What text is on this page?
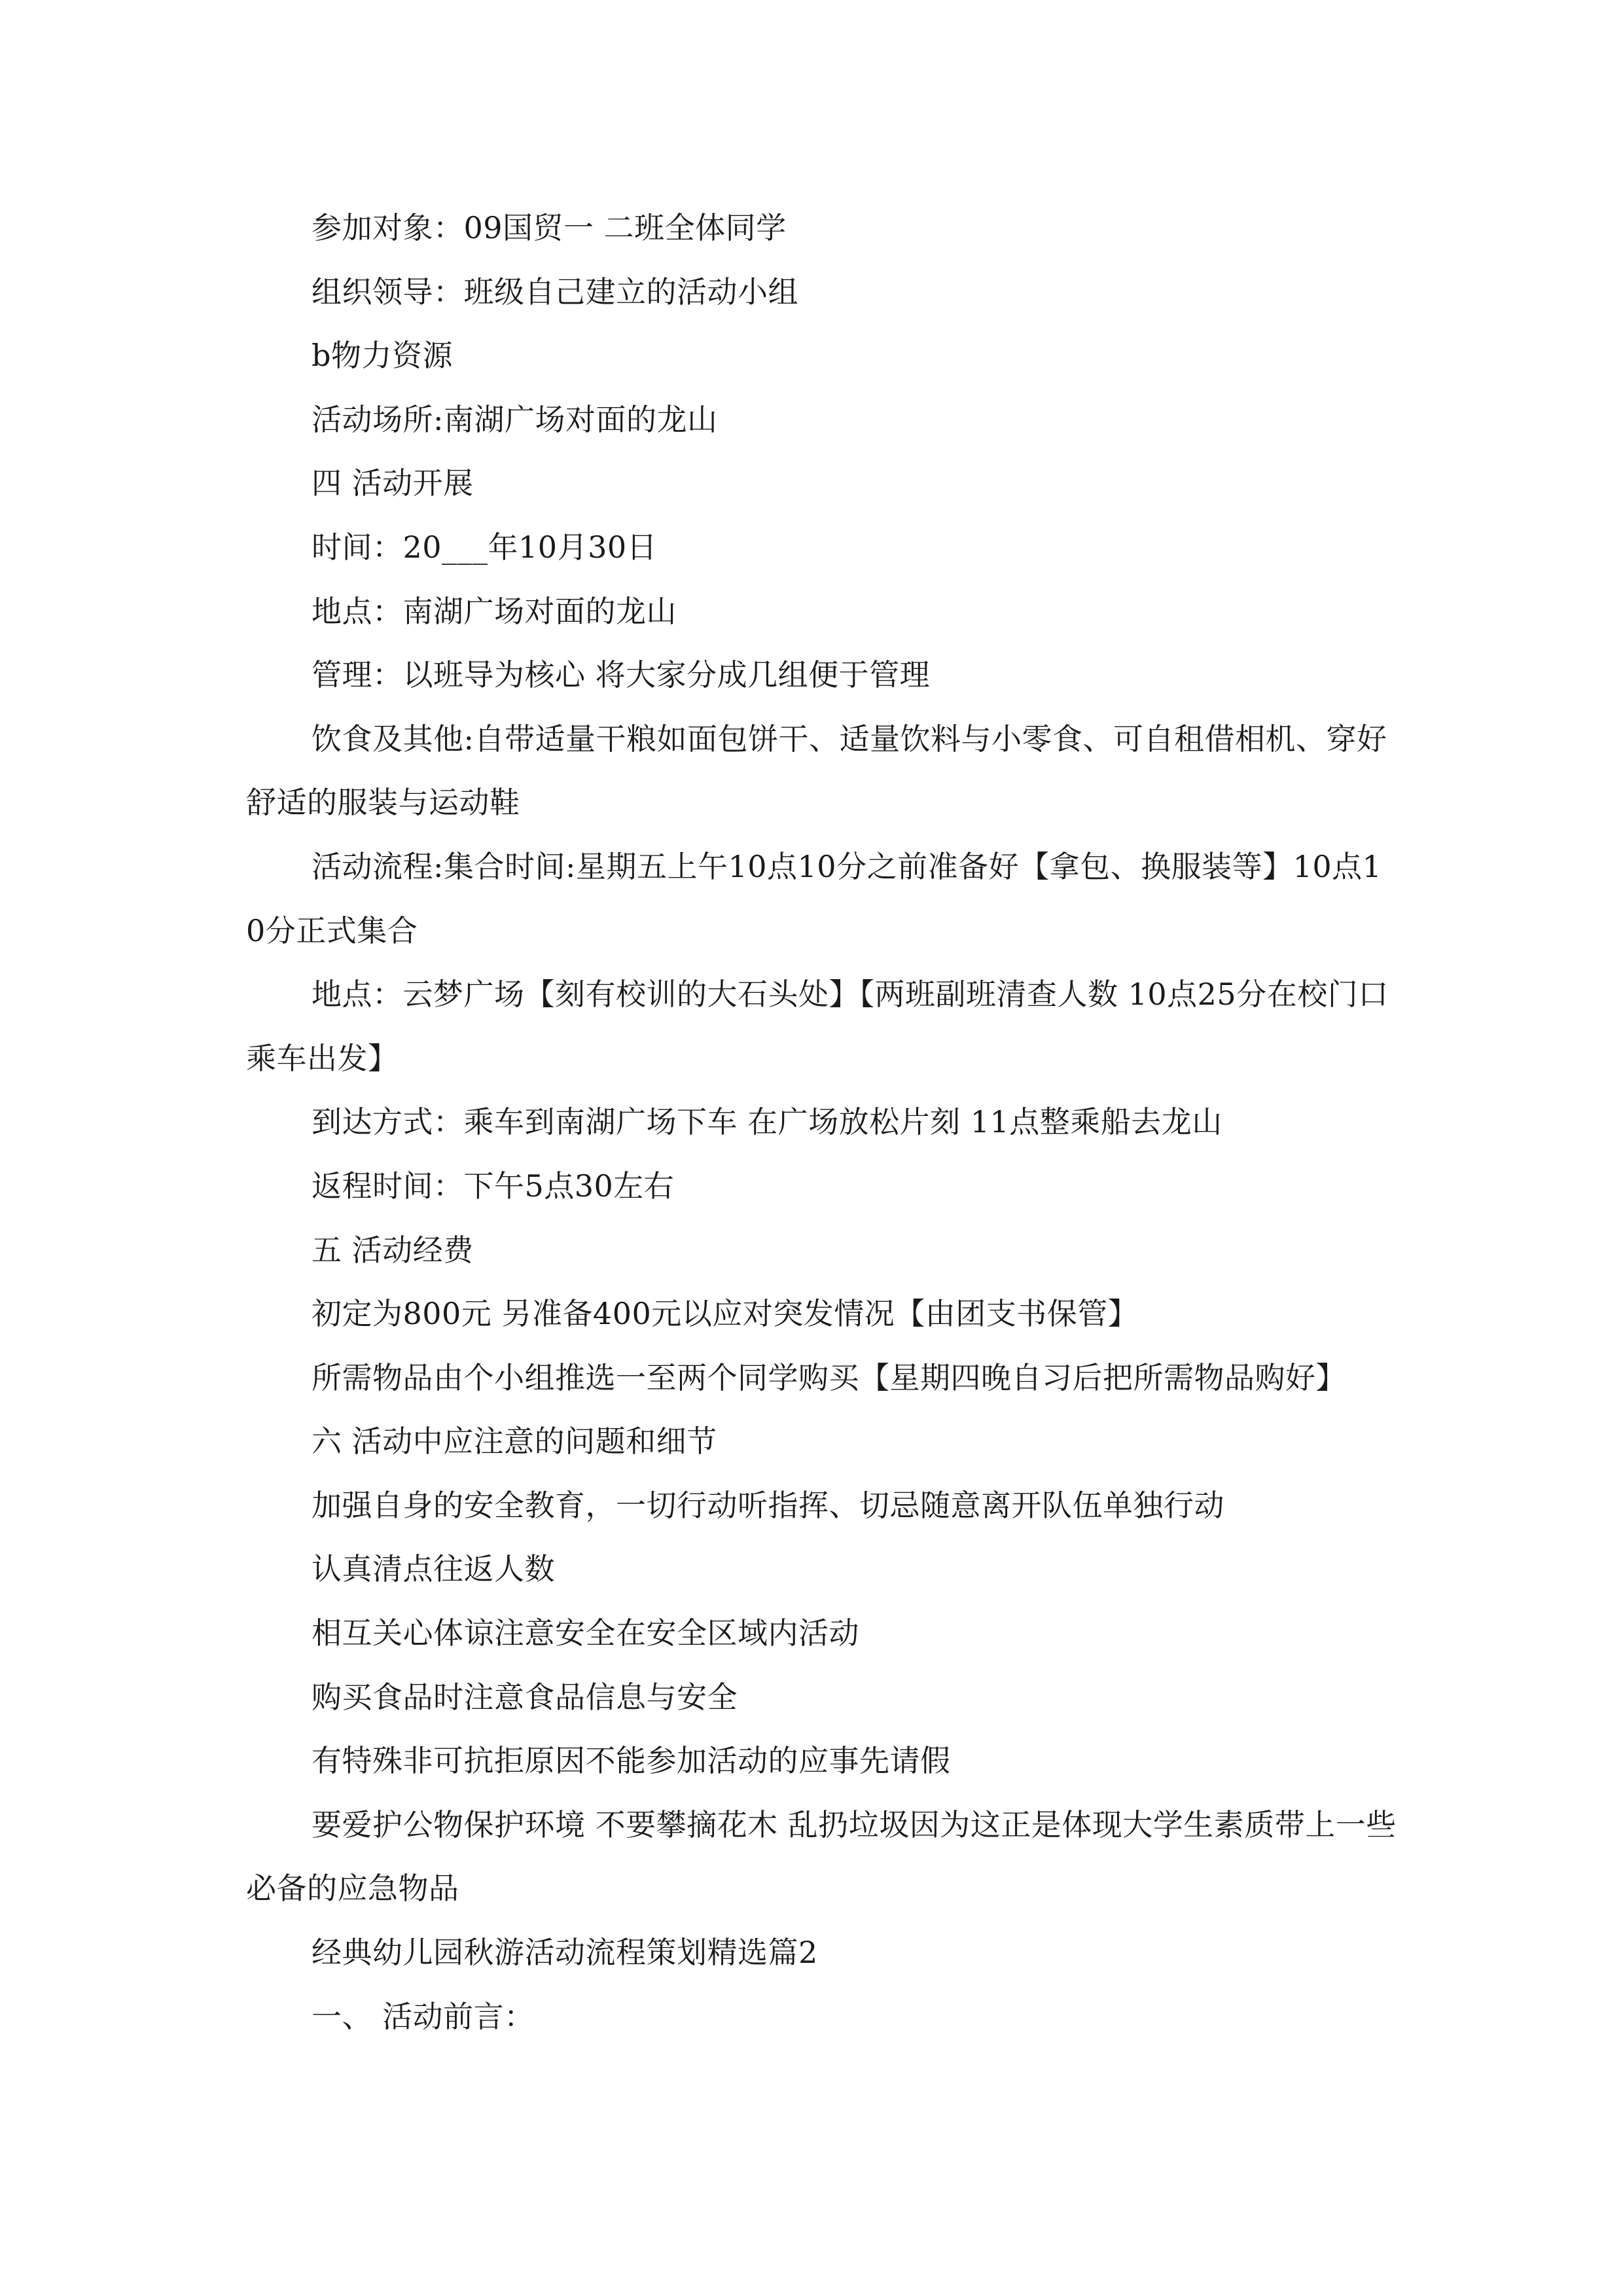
参加对象：09国贸一 二班全体同学

组织领导：班级自己建立的活动小组

b物力资源

活动场所:南湖广场对面的龙山

四 活动开展

时间：20___年10月30日

地点：南湖广场对面的龙山

管理：以班导为核心 将大家分成几组便于管理

饮食及其他:自带适量干粮如面包饼干、适量饮料与小零食、可自租借相机、穿好舒适的服装与运动鞋

活动流程:集合时间:星期五上午10点10分之前准备好【拿包、换服装等】10点10分正式集合

地点：云梦广场【刻有校训的大石头处】【两班副班清查人数 10点25分在校门口乘车出发】

到达方式：乘车到南湖广场下车 在广场放松片刻 11点整乘船去龙山

返程时间：下午5点30左右

五 活动经费

初定为800元 另准备400元以应对突发情况【由团支书保管】

所需物品由个小组推选一至两个同学购买【星期四晚自习后把所需物品购好】

六 活动中应注意的问题和细节

加强自身的安全教育，一切行动听指挥、切忌随意离开队伍单独行动

认真清点往返人数

相互关心体谅注意安全在安全区域内活动

购买食品时注意食品信息与安全

有特殊非可抗拒原因不能参加活动的应事先请假

要爱护公物保护环境 不要攀摘花木 乱扔垃圾因为这正是体现大学生素质带上一些必备的应急物品

经典幼儿园秋游活动流程策划精选篇2

一、 活动前言：
